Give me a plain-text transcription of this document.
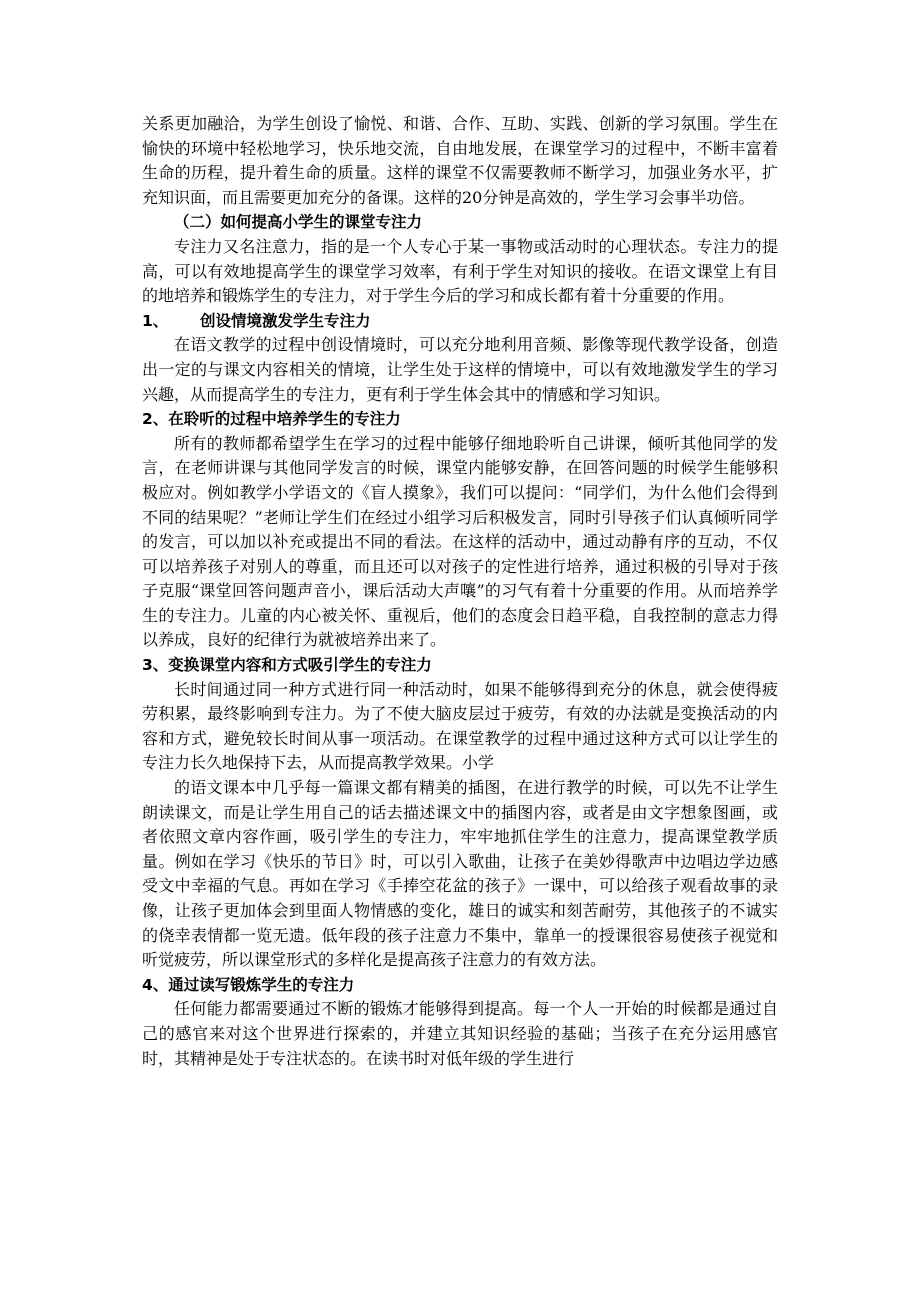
关系更加融洽，为学生创设了愉悦、和谐、合作、互助、实践、创新的学习氛围。学生在愉快的环境中轻松地学习，快乐地交流，自由地发展，在课堂学习的过程中，不断丰富着生命的历程，提升着生命的质量。这样的课堂不仅需要教师不断学习，加强业务水平，扩充知识面，而且需要更加充分的备课。这样的20分钟是高效的，学生学习会事半功倍。

（二）如何提高小学生的课堂专注力

专注力又名注意力，指的是一个人专心于某一事物或活动时的心理状态。专注力的提高，可以有效地提高学生的课堂学习效率，有利于学生对知识的接收。在语文课堂上有目的地培养和锻炼学生的专注力，对于学生今后的学习和成长都有着十分重要的作用。

1、 创设情境激发学生专注力

在语文教学的过程中创设情境时，可以充分地利用音频、影像等现代教学设备，创造出一定的与课文内容相关的情境，让学生处于这样的情境中，可以有效地激发学生的学习兴趣，从而提高学生的专注力，更有利于学生体会其中的情感和学习知识。

2、在聆听的过程中培养学生的专注力

所有的教师都希望学生在学习的过程中能够仔细地聆听自己讲课，倾听其他同学的发言，在老师讲课与其他同学发言的时候，课堂内能够安静，在回答问题的时候学生能够积极应对。例如教学小学语文的《盲人摸象》，我们可以提问：“同学们，为什么他们会得到不同的结果呢？”老师让学生们在经过小组学习后积极发言，同时引导孩子们认真倾听同学的发言，可以加以补充或提出不同的看法。在这样的活动中，通过动静有序的互动，不仅可以培养孩子对别人的尊重，而且还可以对孩子的定性进行培养，通过积极的引导对于孩子克服“课堂回答问题声音小，课后活动大声嚷”的习气有着十分重要的作用。从而培养学生的专注力。儿童的内心被关怀、重视后，他们的态度会日趋平稳，自我控制的意志力得以养成，良好的纪律行为就被培养出来了。

3、变换课堂内容和方式吸引学生的专注力

长时间通过同一种方式进行同一种活动时，如果不能够得到充分的休息，就会使得疲劳积累，最终影响到专注力。为了不使大脑皮层过于疲劳，有效的办法就是变换活动的内容和方式，避免较长时间从事一项活动。在课堂教学的过程中通过这种方式可以让学生的专注力长久地保持下去，从而提高教学效果。小学

的语文课本中几乎每一篇课文都有精美的插图，在进行教学的时候，可以先不让学生朗读课文，而是让学生用自己的话去描述课文中的插图内容，或者是由文字想象图画，或者依照文章内容作画，吸引学生的专注力，牢牢地抓住学生的注意力，提高课堂教学质量。例如在学习《快乐的节日》时，可以引入歌曲，让孩子在美妙得歌声中边唱边学边感受文中幸福的气息。再如在学习《手捧空花盆的孩子》一课中，可以给孩子观看故事的录像，让孩子更加体会到里面人物情感的变化，雄日的诚实和刻苦耐劳，其他孩子的不诚实的侥幸表情都一览无遗。低年段的孩子注意力不集中，靠单一的授课很容易使孩子视觉和听觉疲劳，所以课堂形式的多样化是提高孩子注意力的有效方法。

4、通过读写锻炼学生的专注力

任何能力都需要通过不断的锻炼才能够得到提高。每一个人一开始的时候都是通过自己的感官来对这个世界进行探索的，并建立其知识经验的基础；当孩子在充分运用感官时，其精神是处于专注状态的。在读书时对低年级的学生进行
